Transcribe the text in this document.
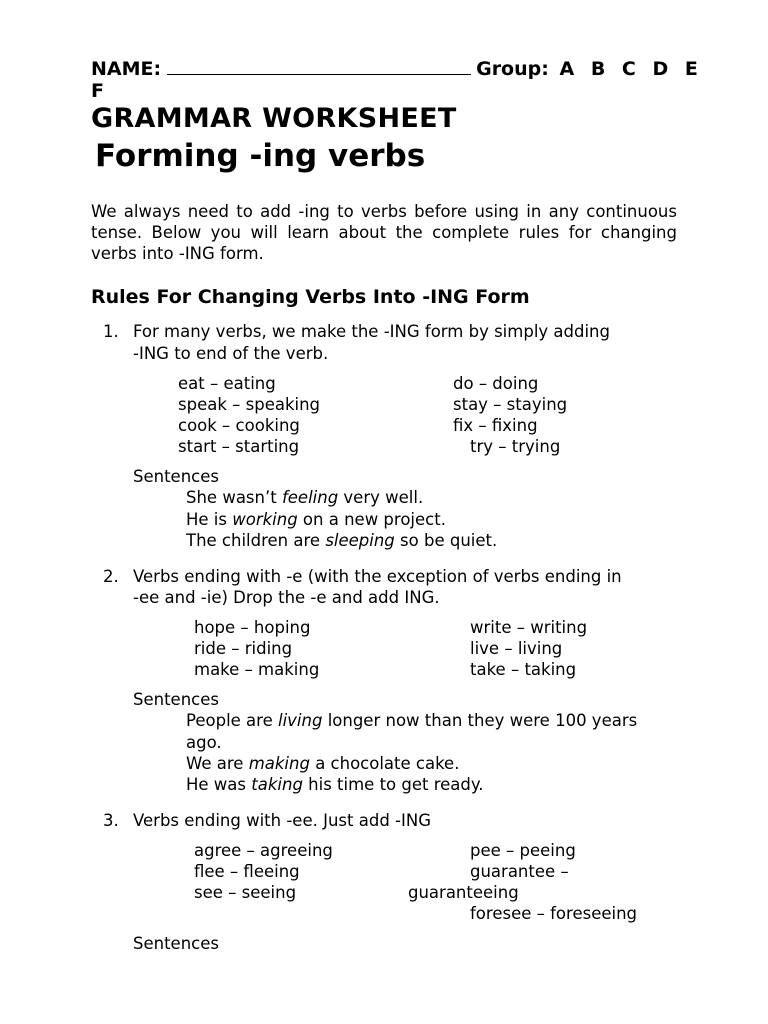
NAME:	Group: A B C D E
F
GRAMMAR WORKSHEET
Forming -ing verbs
We always need to add -ing to verbs before using in any continuous tense. Below you will learn about the complete rules for changing verbs into -ING form.
Rules For Changing Verbs Into -ING Form
1. For many verbs, we make the -ING form by simply adding
-ING to end of the verb.
eat – eating
speak – speaking
cook – cooking
start – starting
do – doing
stay – staying
fix – fixing
try – trying
Sentences
She wasn’t feeling very well.
He is working on a new project.
The children are sleeping so be quiet.
2. Verbs ending with -e (with the exception of verbs ending in
-ee and -ie) Drop the -e and add ING.
hope – hoping
ride – riding
make – making
write – writing
live – living
take – taking
Sentences
People are living longer now than they were 100 years
ago.
We are making a chocolate cake.
He was taking his time to get ready.
3. Verbs ending with -ee. Just add -ING
agree – agreeing
flee – fleeing
see – seeing
pee – peeing
guarantee –
guaranteeing
foresee – foreseeing
Sentences
